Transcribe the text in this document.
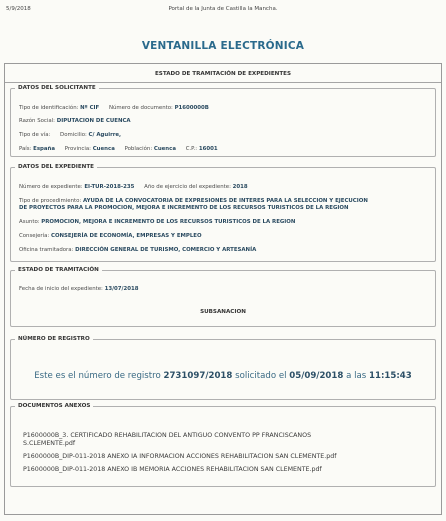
5/9/2018	Portal de la Junta de Castilla la Mancha.
VENTANILLA ELECTRÓNICA
ESTADO DE TRAMITACIÓN DE EXPEDIENTES
DATOS DEL SOLICITANTE
Tipo de identificación: Nº CIF Número de documento: P1600000B
Razón Social: DIPUTACION DE CUENCA
Tipo de vía: Domicilio: C/ Aguirre,
País: España Provincia: Cuenca Población: Cuenca C.P.: 16001
DATOS DEL EXPEDIENTE
Número de expediente: EI-TUR-2018-235 Año de ejercicio del expediente: 2018
Tipo de procedimiento: AYUDA DE LA CONVOCATORIA DE EXPRESIONES DE INTERES PARA LA SELECCION Y EJECUCION
DE PROYECTOS PARA LA PROMOCION, MEJORA E INCREMENTO DE LOS RECURSOS TURISTICOS DE LA REGION
Asunto: PROMOCION, MEJORA E INCREMENTO DE LOS RECURSOS TURISTICOS DE LA REGION
Consejería: CONSEJERÍA DE ECONOMÍA, EMPRESAS Y EMPLEO
Oficina tramitadora: DIRECCIÓN GENERAL DE TURISMO, COMERCIO Y ARTESANÍA
ESTADO DE TRAMITACIÓN
Fecha de inicio del expediente: 13/07/2018
SUBSANACION
NÚMERO DE REGISTRO
Este es el número de registro 2731097/2018 solicitado el 05/09/2018 a las 11:15:43
DOCUMENTOS ANEXOS
P1600000B_3. CERTIFICADO REHABILITACION DEL ANTIGUO CONVENTO PP FRANCISCANOS
S.CLEMENTE.pdf
P1600000B_DIP-011-2018 ANEXO IA INFORMACION ACCIONES REHABILITACION SAN CLEMENTE.pdf
P1600000B_DIP-011-2018 ANEXO IB MEMORIA ACCIONES REHABILITACION SAN CLEMENTE.pdf
